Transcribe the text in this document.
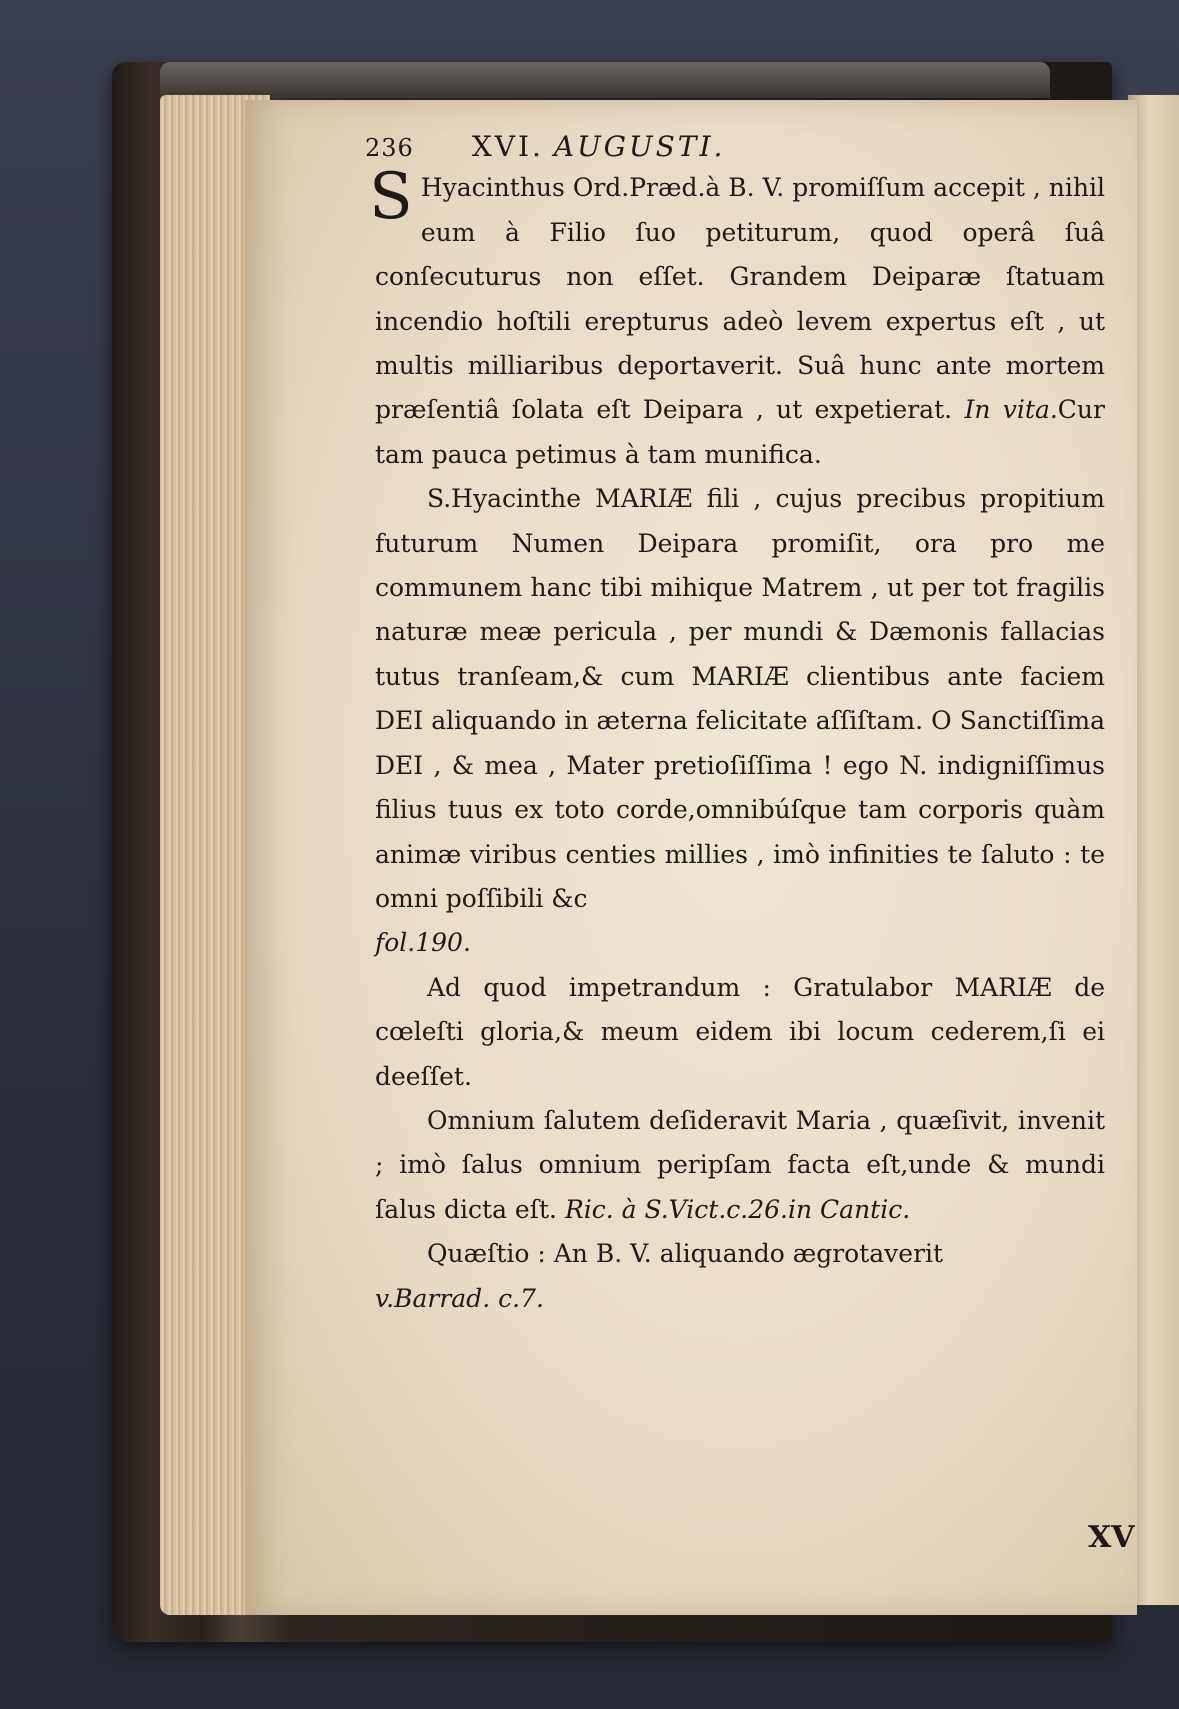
236 XVI.
AUGUSTI.

S Hyacinthus Ord.Præd.à B. V. promiſſum accepit , nihil eum à Filio ſuo petiturum, quod operâ ſuâ conſecuturus non eſſet. Grandem Deiparæ ſtatuam incendio hoſtili erepturus adeò levem expertus eſt , ut multis milliaribus deportaverit. Suâ hunc ante mortem præſentiâ ſolata eſt Deipara , ut expetierat. In vita.Cur tam pauca petimus à tam munifica.

S.Hyacinthe MARIÆ fili , cujus precibus propitium futurum Numen Deipara promiſit, ora pro me communem hanc tibi mihique Matrem , ut per tot fragilis naturæ meæ pericula , per mundi & Dæmonis fallacias tutus tranſeam,& cum MARIÆ clientibus ante faciem DEI aliquando in æterna felicitate aſſiſtam. O Sanctiſſima DEI , & mea , Mater pretioſiſſima ! ego N. indigniſſimus filius tuus ex toto corde,omnibúſque tam corporis quàm animæ viribus centies millies , imò infinities te ſaluto : te omni poſſibili &c
fol.190.

Ad quod impetrandum : Gratulabor MARIÆ de cœleſti gloria,& meum eidem ibi locum cederem,ſi ei deeſſet.

Omnium ſalutem deſideravit Maria , quæſivit, invenit ; imò ſalus omnium peripſam facta eſt,unde & mundi ſalus dicta eſt. Ric. à S.Vict.c.26.in Cantic.

Quæſtio : An B. V. aliquando ægrotaverit
v.Barrad. c.7.

XV
